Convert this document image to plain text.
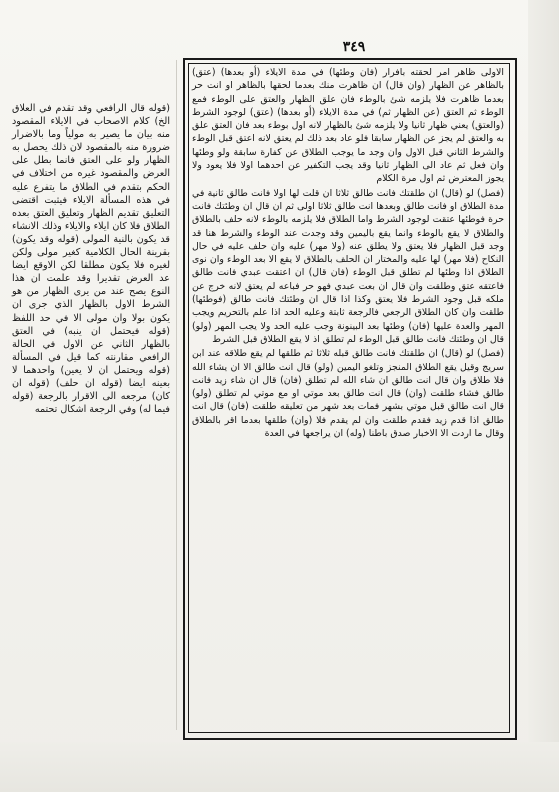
٣٤٩

الاولى ظاهر امر لحقته بافرار (فان وطئها) في مدة الايلاء (أو بعدها) (عتق) بالظاهر عن الظهار (وان قال) ان ظاهرت منك بعدما لحقها بالظاهر او انت حر بعدما ظاهرت فلا يلزمه شئ بالوطء فان علق الظهار والعتق على الوطء فمع الوطء ثم العتق (عن الظهار ثم) في مدة الايلاء (أو بعدها) (عتق) لوجود الشرط (والعتق) يعني ظهار ثانيا ولا يلزمه شئ بالظهار لانه اول بوطء بعد فان العتق علق به والعتق لم يجز عن الظهار سابقا فلو عاد بعد ذلك لم يعتق لانه اعتق قبل الوطء والشرط الثاني قبل الاول وان وجد ما يوجب الطلاق عن كفارة سابقة ولو وطئها وان فعل ثم عاد الى الظهار ثانيا وقد يجب التكفير عن احدهما اولا فلا يعود ولا يجوز المعترض ثم اول مرة الكلام

(فصل) لو (قال) ان طلقتك فانت طالق ثلاثا ان قلت لها اولا فانت طالق ثانية في مدة الطلاق او فانت طالق وبعدها انت طالق ثلاثا اولى ثم ان قال ان وطئتك فانت حرة فوطئها عتقت لوجود الشرط واما الطلاق فلا يلزمه بالوطء لانه حلف بالطلاق والطلاق لا يقع بالوطء وانما يقع باليمين وقد وجدت عند الوطء والشرط هنا قد وجد قبل الظهار فلا يعتق ولا يطلق عنه (ولا مهر) عليه وان حلف عليه في حال النكاح (فلا مهر) لها عليه والمختار ان الحلف بالطلاق لا يقع الا بعد الوطء وان نوى الطلاق اذا وطئها لم تطلق قبل الوطء (فان قال) ان اعتقت عبدي فانت طالق فاعتقه عتق وطلقت وان قال ان بعت عبدي فهو حر فباعه لم يعتق لانه خرج عن ملكه قبل وجود الشرط فلا يعتق وكذا اذا قال ان وطئتك فانت طالق (فوطئها) طلقت وان كان الطلاق الرجعي فالرجعة ثابتة وعليه الحد اذا علم بالتحريم ويجب المهر والعدة عليها (فان) وطئها بعد البينونة وجب عليه الحد ولا يجب المهر (ولو) قال ان وطئتك فانت طالق قبل الوطء لم تطلق اذ لا يقع الطلاق قبل الشرط

(فصل) لو (قال) ان طلقتك فانت طالق قبله ثلاثا ثم طلقها لم يقع طلاقه عند ابن سريج وقيل يقع الطلاق المنجز وتلغو اليمين (ولو) قال انت طالق الا ان يشاء الله فلا طلاق وان قال انت طالق ان شاء الله لم تطلق (فان) قال ان شاء زيد فانت طالق فشاء طلقت (وان) قال انت طالق بعد موتي او مع موتي لم تطلق (ولو) قال انت طالق قبل موتي بشهر فمات بعد شهر من تعليقه طلقت (فان) قال انت طالق اذا قدم زيد فقدم طلقت وان لم يقدم فلا (وان) طلقها بعدما اقر بالطلاق وقال ما اردت الا الاخبار صدق باطنا (وله) ان يراجعها في العدة

(قوله قال الرافعي وقد تقدم في العلاق الخ) كلام الاصحاب في الايلاء المقصود منه بيان ما يصير به مولياً وما بالاضرار ضرورة منه بالمقصود لان ذلك يحصل به الظهار ولو على العتق فانما بطل على العرض والمقصود غيره من اختلاف في الحكم بتقدم في الطلاق ما يتفرع عليه في هذه المسألة الايلاء فيثبت اقتضى التعليق تقديم الظهار وتعليق العتق بعده الطلاق فلا كان ايلاء والايلاء وذلك الانشاء قد يكون بالنية المولى (قوله وقد يكون) بقرينة الحال الكلامية كغير مولى ولكن لغيره فلا يكون مطلقا لكن الاوقع ايضا عد العرض تقديرا وقد علمت ان هذا النوع يصح عند من يرى الظهار من هو الشرط الاول بالظهار الذي جرى ان يكون بولا وان مولى الا في حد اللفظ (قوله فيحتمل ان ينبه) في العتق بالظهار الثاني عن الاول في الحالة الرافعي مقارنته كما قيل في المسألة (قوله ويحتمل ان لا يعين) واحدهما لا بعينه ايضا (قوله ان حلف) (قوله ان كان) مرجعه الى الاقرار بالرجعة (قوله فيما له) وفي الرجعة اشكال تحتمه
